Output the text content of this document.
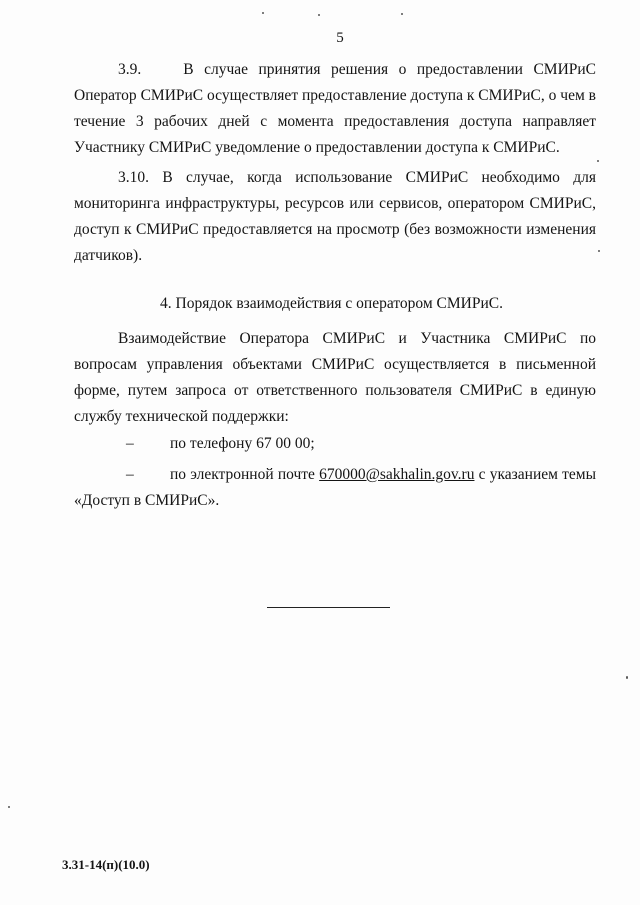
5
3.9.	В случае принятия решения о предоставлении СМИРиС Оператор СМИРиС осуществляет предоставление доступа к СМИРиС, о чем в течение 3 рабочих дней с момента предоставления доступа направляет Участнику СМИРиС уведомление о предоставлении доступа к СМИРиС.
3.10. В случае, когда использование СМИРиС необходимо для мониторинга инфраструктуры, ресурсов или сервисов, оператором СМИРиС, доступ к СМИРиС предоставляется на просмотр (без возможности изменения датчиков).
4. Порядок взаимодействия с оператором СМИРиС.
Взаимодействие Оператора СМИРиС и Участника СМИРиС по вопросам управления объектами СМИРиС осуществляется в письменной форме, путем запроса от ответственного пользователя СМИРиС в единую службу технической поддержки:
– по телефону 67 00 00;
– по электронной почте 670000@sakhalin.gov.ru с указанием темы «Доступ в СМИРиС».
3.31-14(п)(10.0)
